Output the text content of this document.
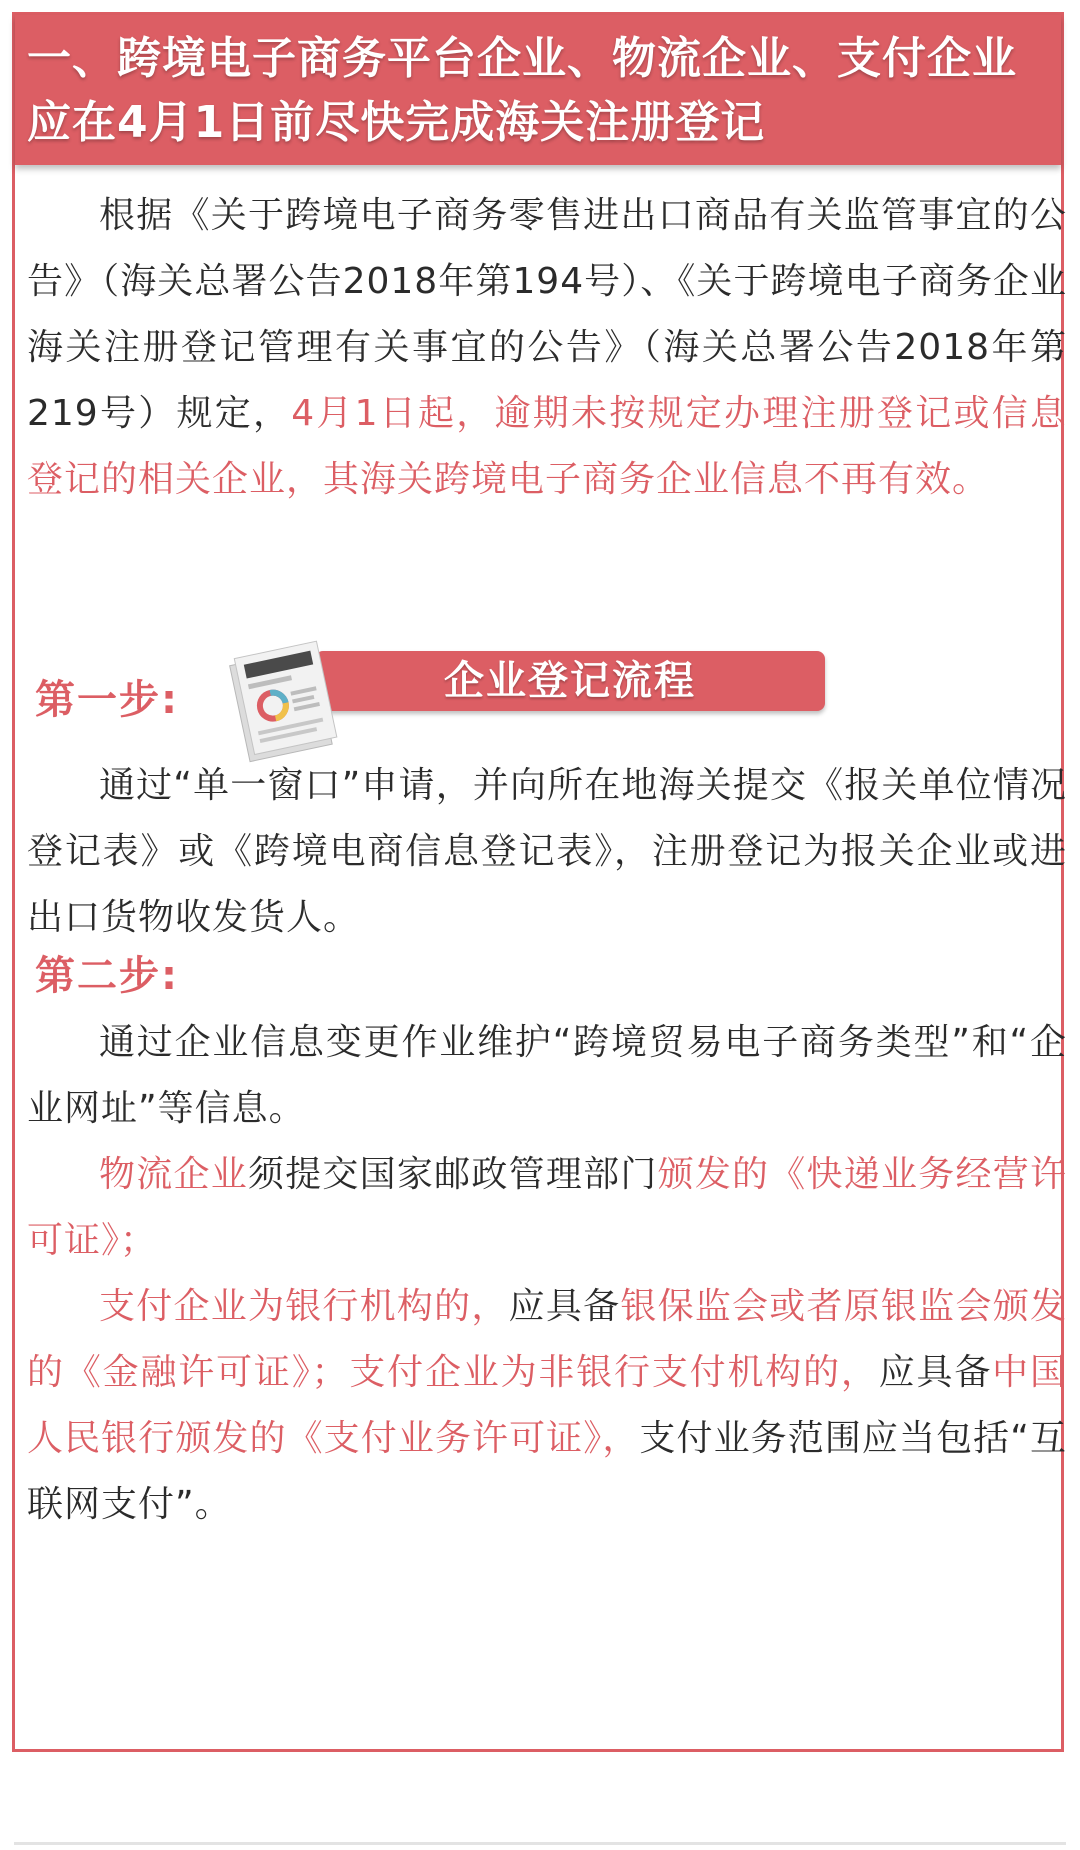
一、跨境电子商务平台企业、物流企业、支付企业应在4月1日前尽快完成海关注册登记

根据《关于跨境电子商务零售进出口商品有关监管事宜的公告》（海关总署公告2018年第194号）、《关于跨境电子商务企业海关注册登记管理有关事宜的公告》（海关总署公告2018年第219号）规定，4月1日起，逾期未按规定办理注册登记或信息登记的相关企业，其海关跨境电子商务企业信息不再有效。

企业登记流程
第一步:

通过“单一窗口”申请，并向所在地海关提交《报关单位情况登记表》或《跨境电商信息登记表》，注册登记为报关企业或进出口货物收发货人。

第二步:

通过企业信息变更作业维护“跨境贸易电子商务类型”和“企业网址”等信息。

物流企业须提交国家邮政管理部门颁发的《快递业务经营许可证》；

支付企业为银行机构的，应具备银保监会或者原银监会颁发的《金融许可证》；支付企业为非银行支付机构的，应具备中国人民银行颁发的《支付业务许可证》，支付业务范围应当包括“互联网支付”。
